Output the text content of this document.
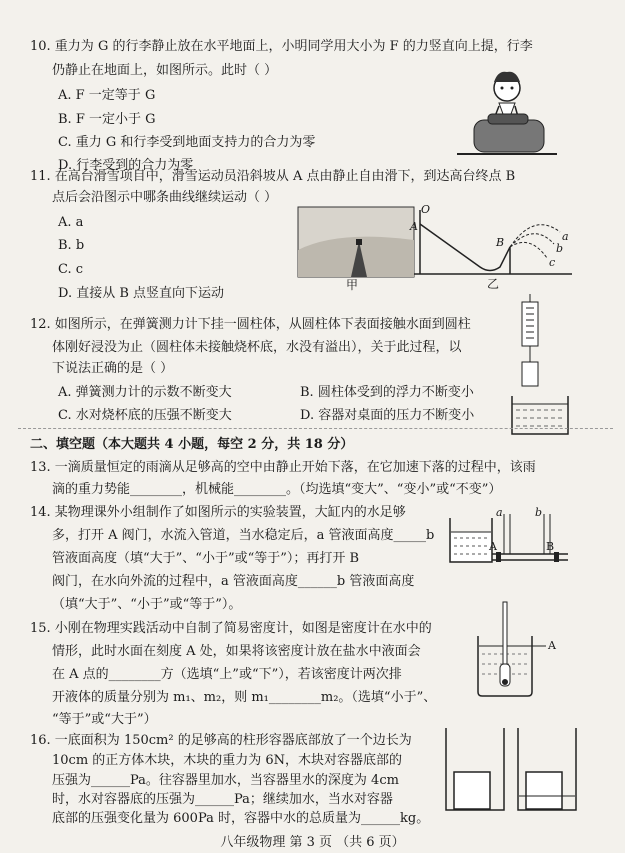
10. 重力为 G 的行李静止放在水平地面上，小明同学用大小为 F 的力竖直向上提，行李
仍静止在地面上，如图所示。此时（ ）
A. F 一定等于 G
B. F 一定小于 G
C. 重力 G 和行李受到地面支持力的合力为零
D. 行李受到的合力为零
11. 在高台滑雪项目中，滑雪运动员沿斜坡从 A 点由静止自由滑下，到达高台终点 B
点后会沿图示中哪条曲线继续运动（ ）
A. a
B. b
C. c
D. 直接从 B 点竖直向下运动
甲
O
A
B	a
b
c
乙
12. 如图所示，在弹簧测力计下挂一圆柱体，从圆柱体下表面接触水面到圆柱
体刚好浸没为止（圆柱体未接触烧杯底，水没有溢出），关于此过程，以
下说法正确的是（ ）
A. 弹簧测力计的示数不断变大	B. 圆柱体受到的浮力不断变小
C. 水对烧杯底的压强不断变大	D. 容器对桌面的压力不断变小
二、填空题（本大题共 4 小题，每空 2 分，共 18 分）
13. 一滴质量恒定的雨滴从足够高的空中由静止开始下落，在它加速下落的过程中，该雨
滴的重力势能________，机械能________。（均选填“变大”、“变小”或“不变”）
14. 某物理课外小组制作了如图所示的实验装置，大缸内的水足够
多，打开 A 阀门，水流入管道，当水稳定后，a 管液面高度_____b
管液面高度（填“大于”、“小于”或“等于”）；再打开 B
阀门，在水向外流的过程中，a 管液面高度______b 管液面高度
（填“大于”、“小于”或“等于”）。
a	b
A	B
15. 小刚在物理实践活动中自制了简易密度计，如图是密度计在水中的
情形，此时水面在刻度 A 处，如果将该密度计放在盐水中液面会
在 A 点的________方（选填“上”或“下”），若该密度计两次排
开液体的质量分别为 m₁、m₂，则 m₁________m₂。（选填“小于”、
“等于”或“大于”）
A
16. 一底面积为 150cm² 的足够高的柱形容器底部放了一个边长为
10cm 的正方体木块，木块的重力为 6N，木块对容器底部的
压强为______Pa。往容器里加水，当容器里水的深度为 4cm
时，水对容器底的压强为______Pa；继续加水，当水对容器
八年级物理 第 3 页 （共 6 页）
底部的压强变化量为 600Pa 时，容器中水的总质量为______kg。
